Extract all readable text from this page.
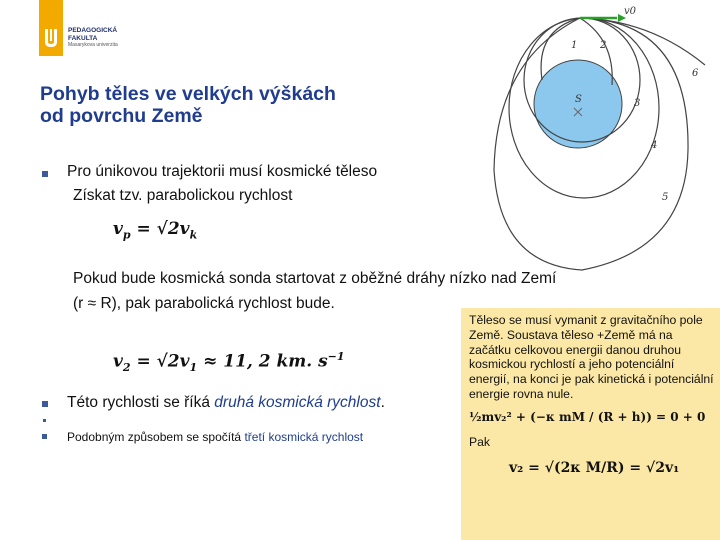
PEDAGOGICKÁ
FAKULTA
Masarykova univerzita
Pohyb těles ve velkých výškách
od povrchu Země
Pro únikovou trajektorii musí kosmické těleso
Získat tzv. parabolickou rychlost
$v_p = √2v_k$
Pokud bude kosmická sonda startovat z oběžné dráhy nízko nad Zemí
(r ≈ R), pak parabolická rychlost bude.
$v_2 = √2v_1 \approx 11$, 2 km. $s^{-1}$
Této rychlosti se říká druhá kosmická rychlost.
Podobným způsobem se spočítá třetí kosmická rychlost
v0
1 2
3
4
5
6
S
Těleso se musí vymanit z gravitačního pole Země. Soustava těleso +Země má na začátku celkovou energii danou druhou kosmickou rychlostí a jeho potenciální energií, na konci je pak kinetická i potenciální energie rovna nule.
½mv₂² + (−κ mM / (R + h)) = 0 + 0
Pak
v₂ = √(2κ M/R) = √2v₁
